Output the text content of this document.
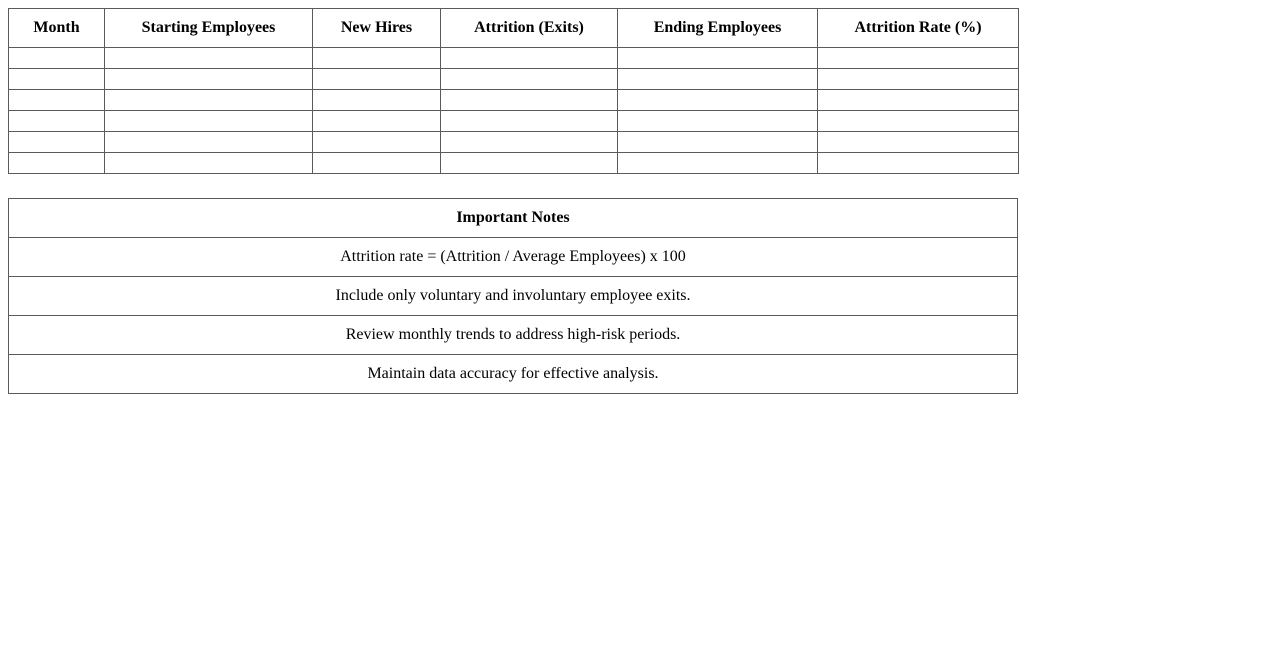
Month	Starting Employees	New Hires	Attrition (Exits)	Ending Employees	Attrition Rate (%)

Important Notes
Attrition rate = (Attrition / Average Employees) x 100
Include only voluntary and involuntary employee exits.
Review monthly trends to address high-risk periods.
Maintain data accuracy for effective analysis.
